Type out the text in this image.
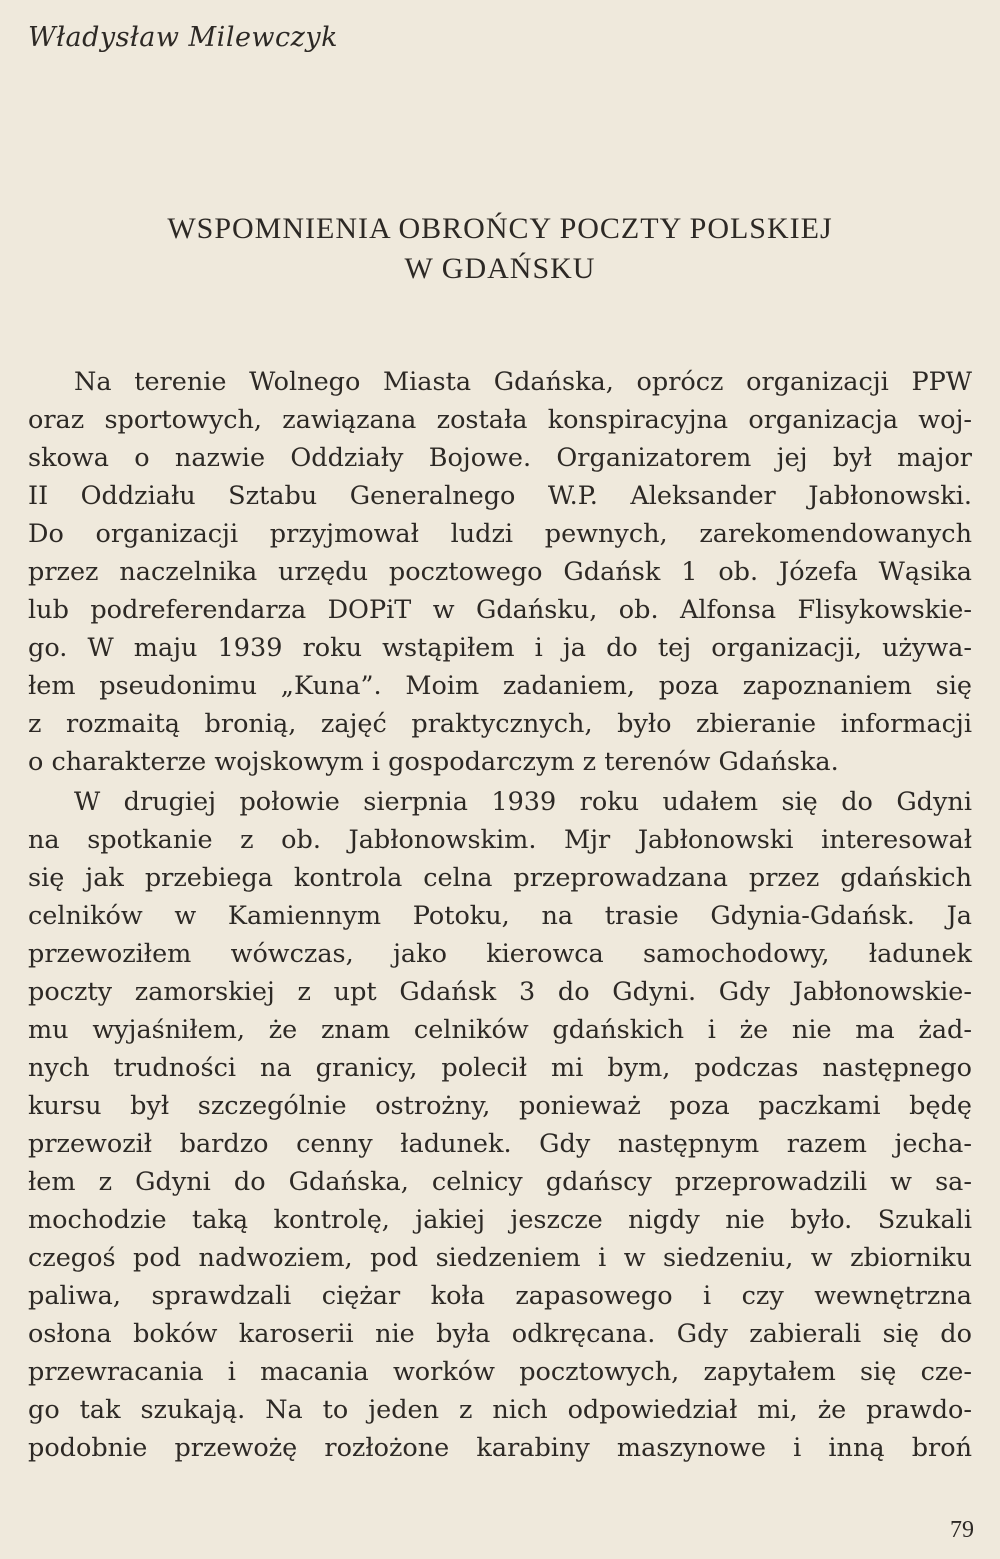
Władysław Milewczyk
WSPOMNIENIA OBROŃCY POCZTY POLSKIEJ
W GDAŃSKU
Na terenie Wolnego Miasta Gdańska, oprócz organizacji PPW
oraz sportowych, zawiązana została konspiracyjna organizacja woj-
skowa o nazwie Oddziały Bojowe. Organizatorem jej był major
II Oddziału Sztabu Generalnego W.P. Aleksander Jabłonowski.
Do organizacji przyjmował ludzi pewnych, zarekomendowanych
przez naczelnika urzędu pocztowego Gdańsk 1 ob. Józefa Wąsika
lub podreferendarza DOPiT w Gdańsku, ob. Alfonsa Flisykowskie-
go. W maju 1939 roku wstąpiłem i ja do tej organizacji, używa-
łem pseudonimu „Kuna”. Moim zadaniem, poza zapoznaniem się
z rozmaitą bronią, zajęć praktycznych, było zbieranie informacji
o charakterze wojskowym i gospodarczym z terenów Gdańska.
W drugiej połowie sierpnia 1939 roku udałem się do Gdyni
na spotkanie z ob. Jabłonowskim. Mjr Jabłonowski interesował
się jak przebiega kontrola celna przeprowadzana przez gdańskich
celników w Kamiennym Potoku, na trasie Gdynia-Gdańsk. Ja
przewoziłem wówczas, jako kierowca samochodowy, ładunek
poczty zamorskiej z upt Gdańsk 3 do Gdyni. Gdy Jabłonowskie-
mu wyjaśniłem, że znam celników gdańskich i że nie ma żad-
nych trudności na granicy, polecił mi bym, podczas następnego
kursu był szczególnie ostrożny, ponieważ poza paczkami będę
przewoził bardzo cenny ładunek. Gdy następnym razem jecha-
łem z Gdyni do Gdańska, celnicy gdańscy przeprowadzili w sa-
mochodzie taką kontrolę, jakiej jeszcze nigdy nie było. Szukali
czegoś pod nadwoziem, pod siedzeniem i w siedzeniu, w zbiorniku
paliwa, sprawdzali ciężar koła zapasowego i czy wewnętrzna
osłona boków karoserii nie była odkręcana. Gdy zabierali się do
przewracania i macania worków pocztowych, zapytałem się cze-
go tak szukają. Na to jeden z nich odpowiedział mi, że prawdo-
podobnie przewożę rozłożone karabiny maszynowe i inną broń
79
